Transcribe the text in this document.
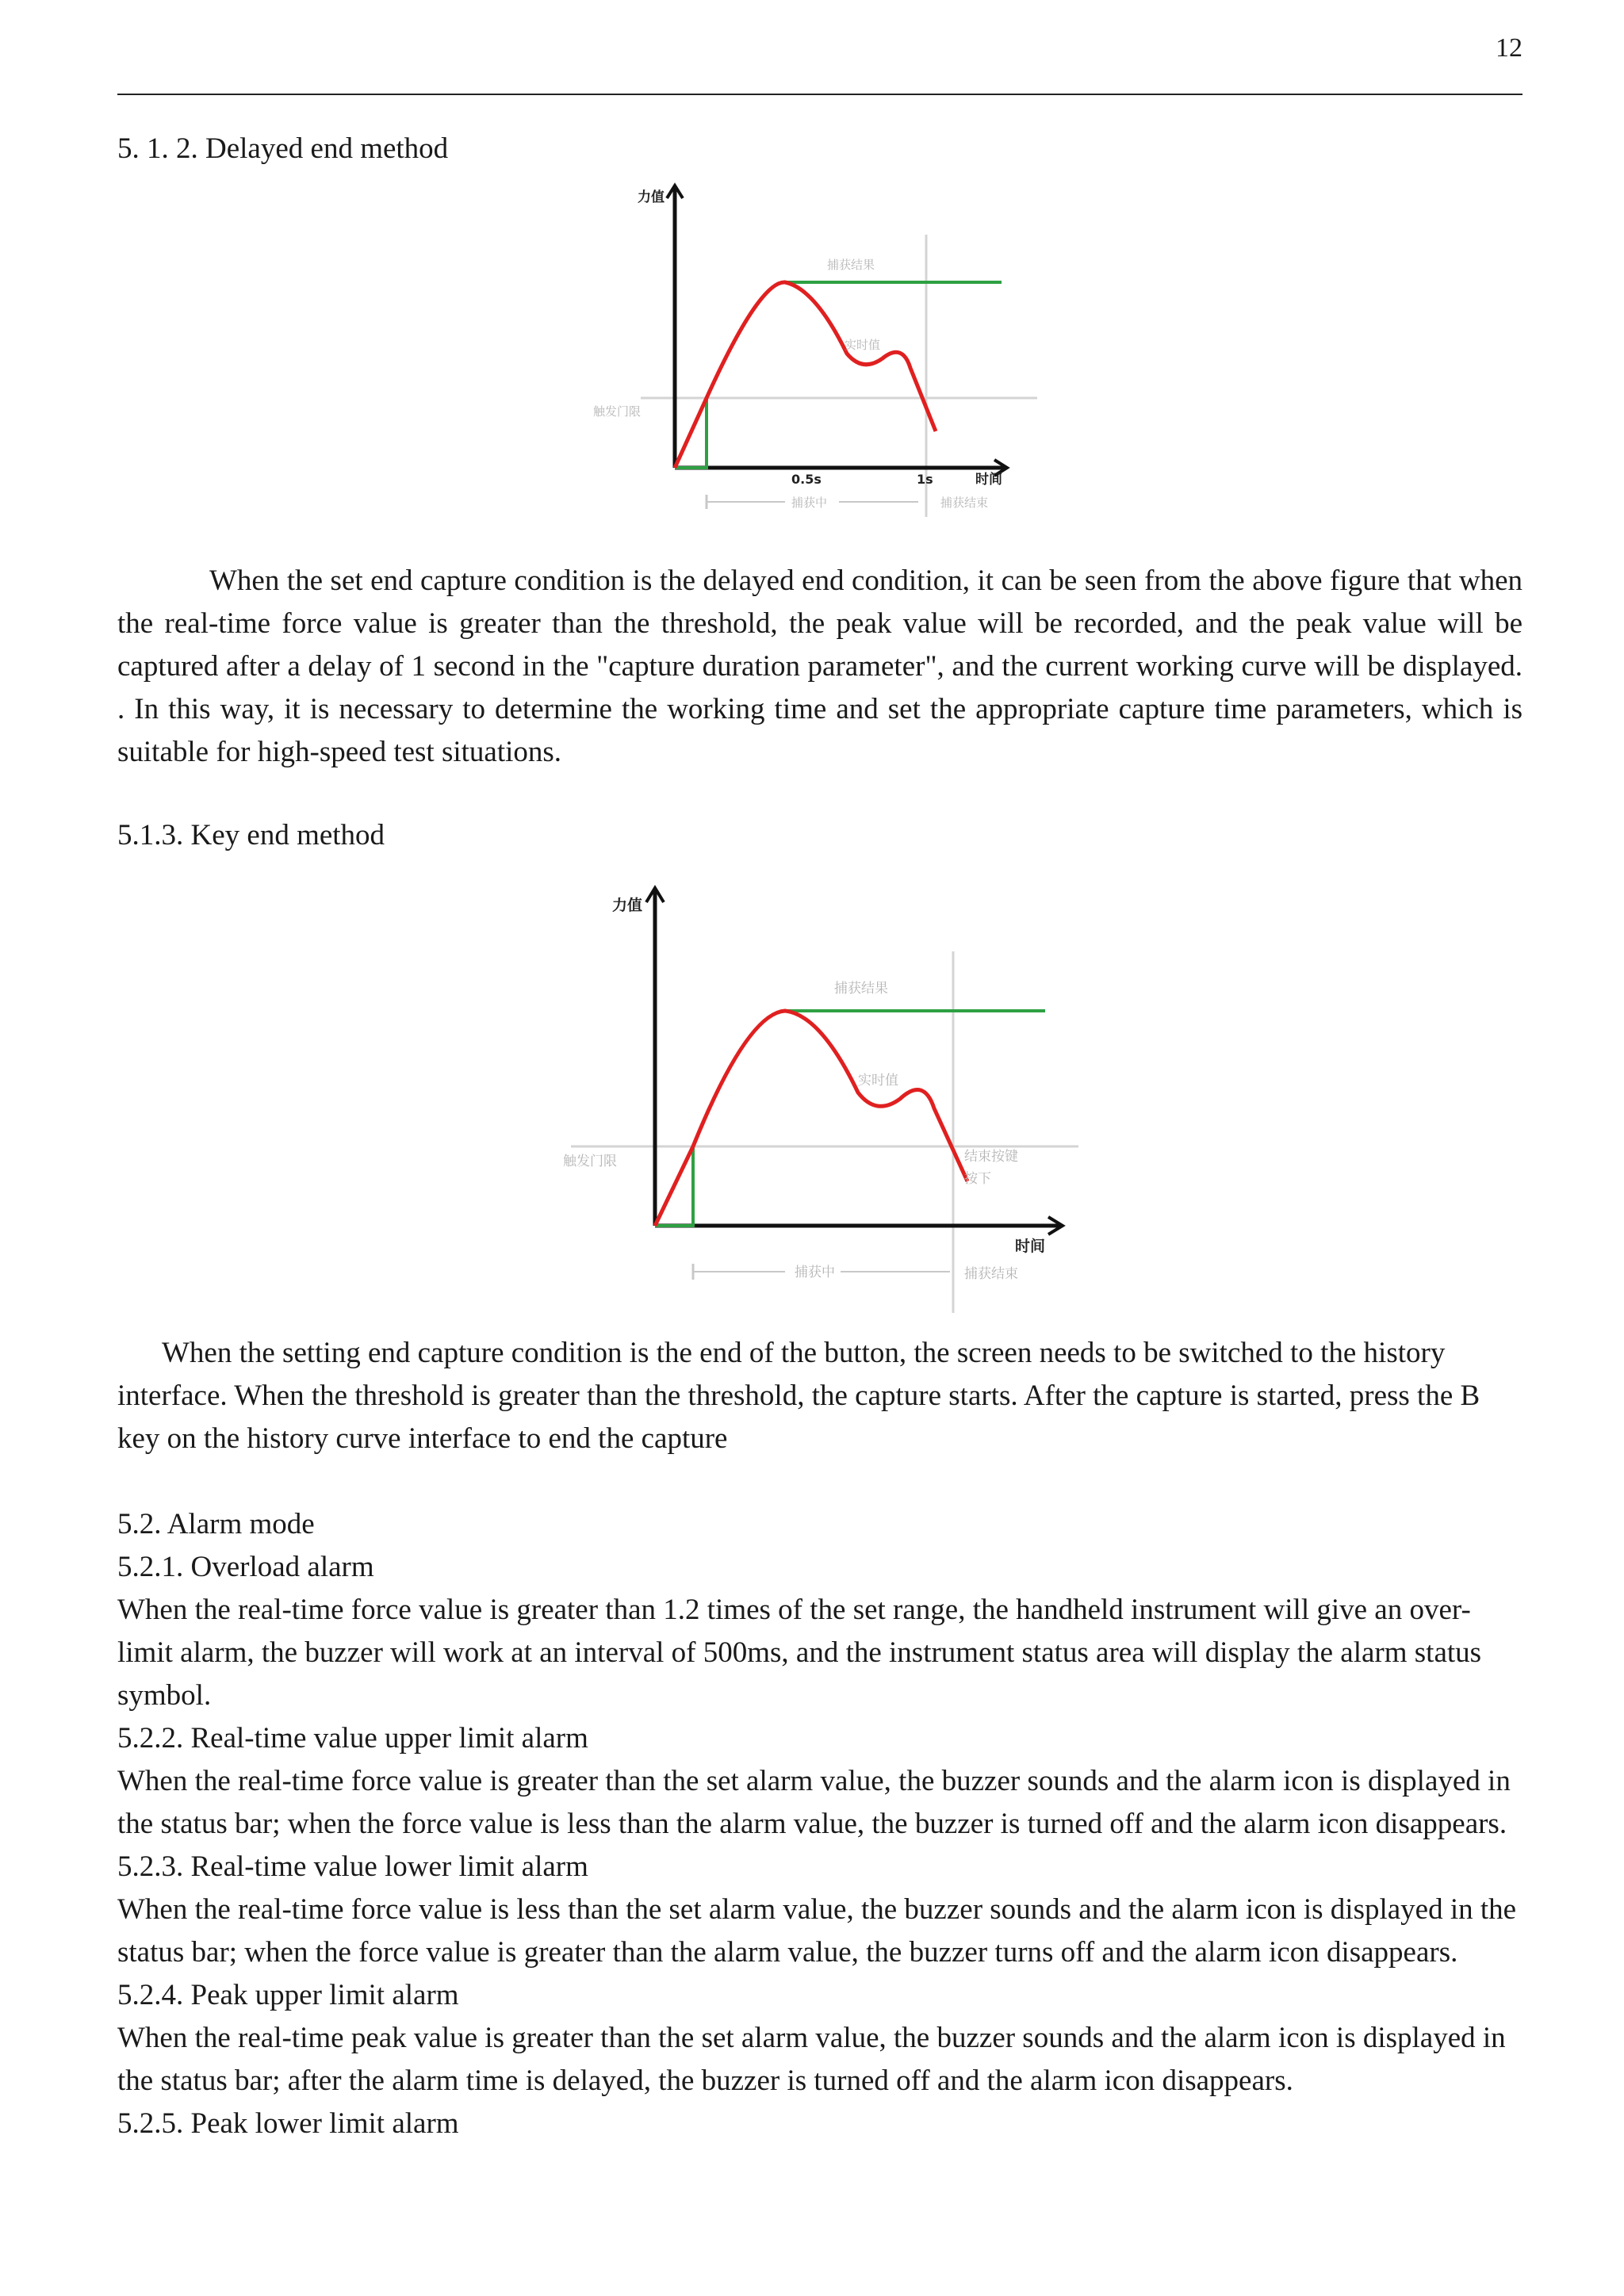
12

5. 1. 2. Delayed end method

力值
捕获结果
实时值
触发门限
0.5s	1s	时间
捕获中	捕获结束

When the set end capture condition is the delayed end condition, it can be seen from the above figure that when the real-time force value is greater than the threshold, the peak value will be recorded, and the peak value will be captured after a delay of 1 second in the "capture duration parameter", and the current working curve will be displayed. . In this way, it is necessary to determine the working time and set the appropriate capture time parameters, which is suitable for high-speed test situations.

5.1.3. Key end method

力值
捕获结果
实时值
触发门限	结束按键
按下
时间
捕获中	捕获结束

When the setting end capture condition is the end of the button, the screen needs to be switched to the history interface. When the threshold is greater than the threshold, the capture starts. After the capture is started, press the B key on the history curve interface to end the capture

5.2. Alarm mode
5.2.1. Overload alarm
When the real-time force value is greater than 1.2 times of the set range, the handheld instrument will give an over-limit alarm, the buzzer will work at an interval of 500ms, and the instrument status area will display the alarm status symbol.
5.2.2. Real-time value upper limit alarm
When the real-time force value is greater than the set alarm value, the buzzer sounds and the alarm icon is displayed in the status bar; when the force value is less than the alarm value, the buzzer is turned off and the alarm icon disappears.
5.2.3. Real-time value lower limit alarm
When the real-time force value is less than the set alarm value, the buzzer sounds and the alarm icon is displayed in the status bar; when the force value is greater than the alarm value, the buzzer turns off and the alarm icon disappears.
5.2.4. Peak upper limit alarm
When the real-time peak value is greater than the set alarm value, the buzzer sounds and the alarm icon is displayed in the status bar; after the alarm time is delayed, the buzzer is turned off and the alarm icon disappears.
5.2.5. Peak lower limit alarm
